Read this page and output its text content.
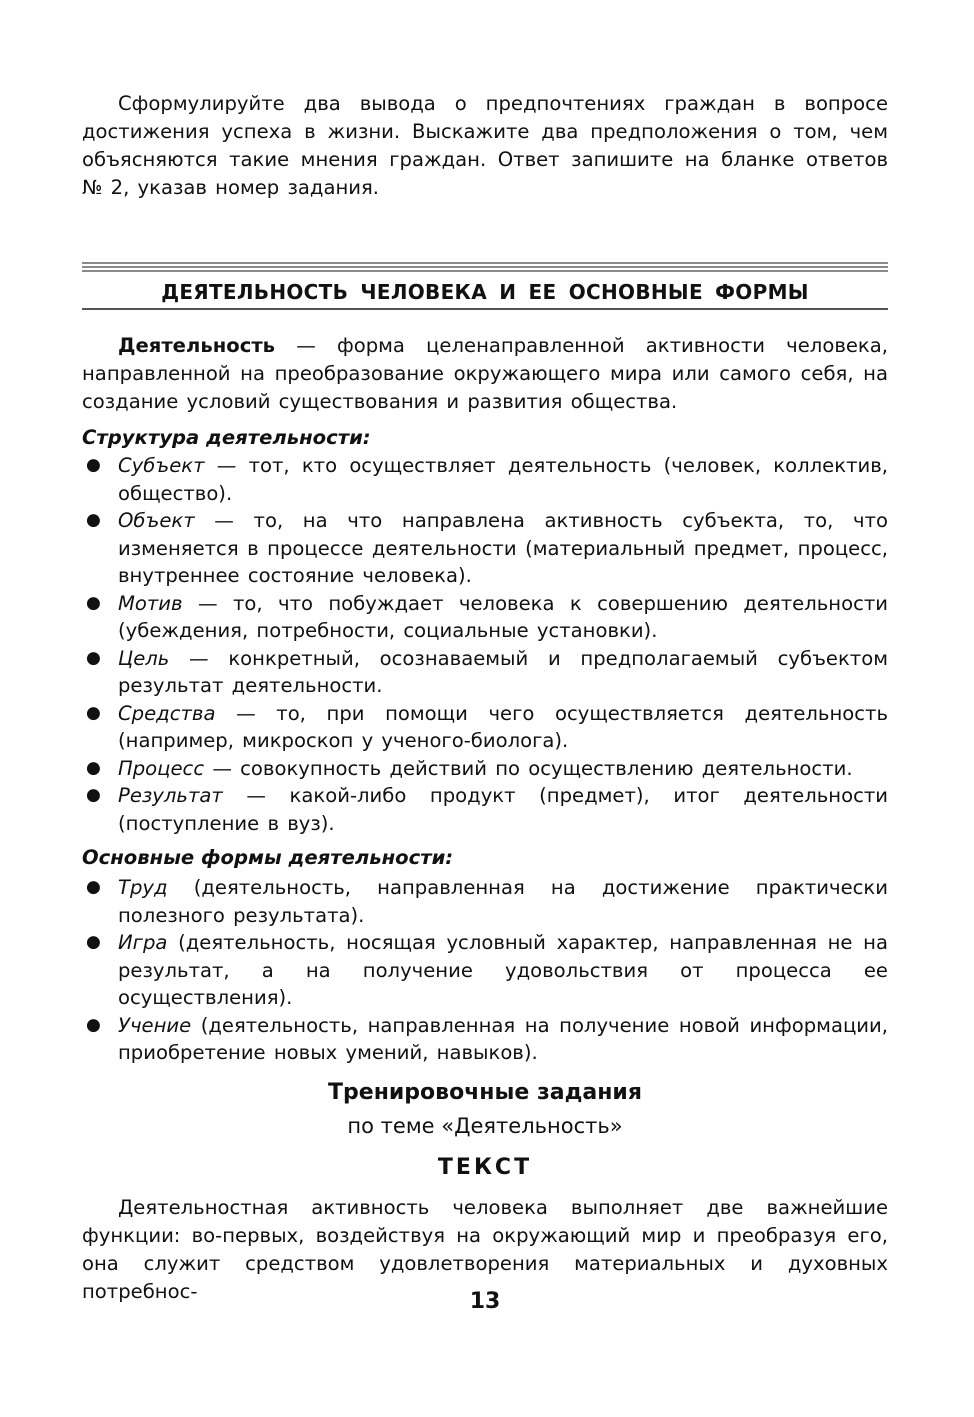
Сформулируйте два вывода о предпочтениях граждан в вопросе достижения успеха в жизни. Выскажите два предположения о том, чем объясняются такие мнения граждан. Ответ запишите на бланке ответов № 2, указав номер задания.
ДЕЯТЕЛЬНОСТЬ ЧЕЛОВЕКА И ЕЕ ОСНОВНЫЕ ФОРМЫ
Деятельность — форма целенаправленной активности человека, направленной на преобразование окружающего мира или самого себя, на создание условий существования и развития общества.
Структура деятельности:
● Субъект — тот, кто осуществляет деятельность (человек, коллектив, общество).
● Объект — то, на что направлена активность субъекта, то, что изменяется в процессе деятельности (материальный предмет, процесс, внутреннее состояние человека).
● Мотив — то, что побуждает человека к совершению деятельности (убеждения, потребности, социальные установки).
● Цель — конкретный, осознаваемый и предполагаемый субъектом результат деятельности.
● Средства — то, при помощи чего осуществляется деятельность (например, микроскоп у ученого-биолога).
● Процесс — совокупность действий по осуществлению деятельности.
● Результат — какой-либо продукт (предмет), итог деятельности (поступление в вуз).
Основные формы деятельности:
● Труд (деятельность, направленная на достижение практически полезного результата).
● Игра (деятельность, носящая условный характер, направленная не на результат, а на получение удовольствия от процесса ее осуществления).
● Учение (деятельность, направленная на получение новой информации, приобретение новых умений, навыков).
Тренировочные задания
по теме «Деятельность»
ТЕКСТ
Деятельностная активность человека выполняет две важнейшие функции: во-первых, воздействуя на окружающий мир и преобразуя его, она служит средством удовлетворения материальных и духовных потребнос-	13
